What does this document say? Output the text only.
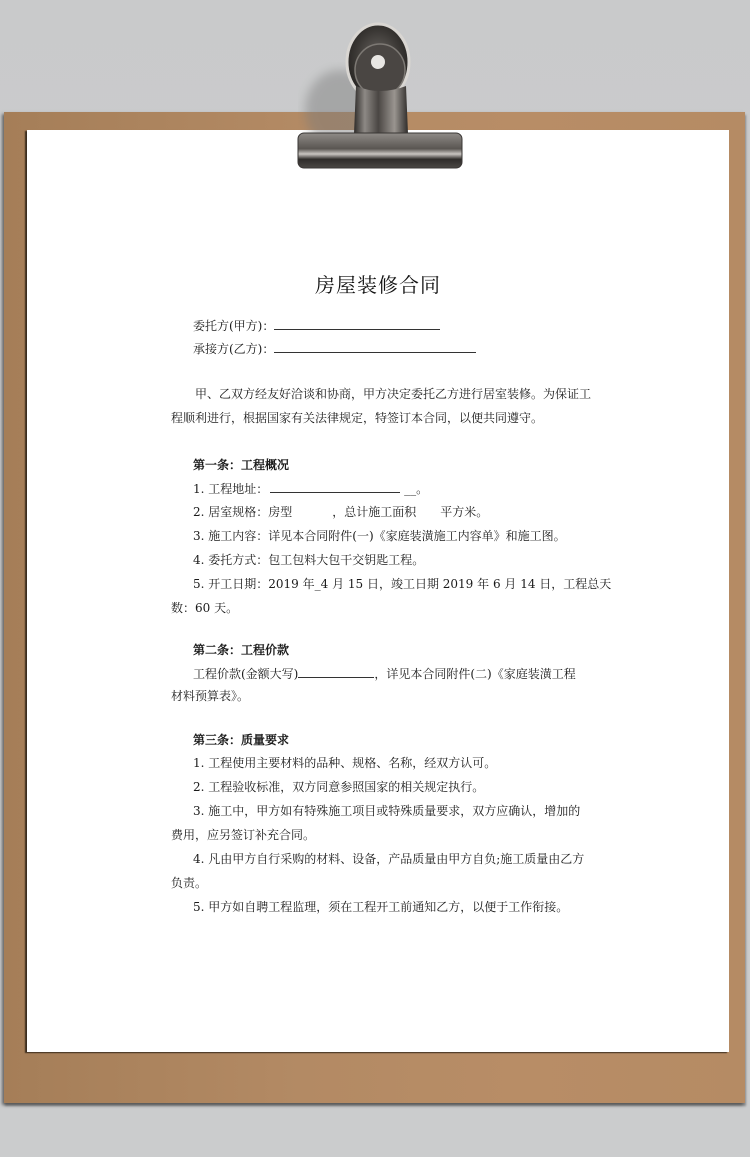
房屋装修合同
委托方(甲方)：
承接方(乙方)：
甲、乙双方经友好洽谈和协商，甲方决定委托乙方进行居室装修。为保证工
程顺利进行，根据国家有关法律规定，特签订本合同，以便共同遵守。
第一条：工程概况
1. 工程地址：	__。
2. 居室规格：房型	，总计施工面积 平方米。
3. 施工内容：详见本合同附件(一)《家庭装潢施工内容单》和施工图。
4. 委托方式：包工包料大包干交钥匙工程。
5. 开工日期：2019 年_4 月 15 日，竣工日期 2019 年 6 月 14 日，工程总天
数：60 天。
第二条：工程价款
工程价款(金额大写)	，详见本合同附件(二)《家庭装潢工程
材料预算表》。
第三条：质量要求
1. 工程使用主要材料的品种、规格、名称，经双方认可。
2. 工程验收标准，双方同意参照国家的相关规定执行。
3. 施工中，甲方如有特殊施工项目或特殊质量要求，双方应确认，增加的
费用，应另签订补充合同。
4. 凡由甲方自行采购的材料、设备，产品质量由甲方自负;施工质量由乙方
负责。
5. 甲方如自聘工程监理，须在工程开工前通知乙方，以便于工作衔接。
